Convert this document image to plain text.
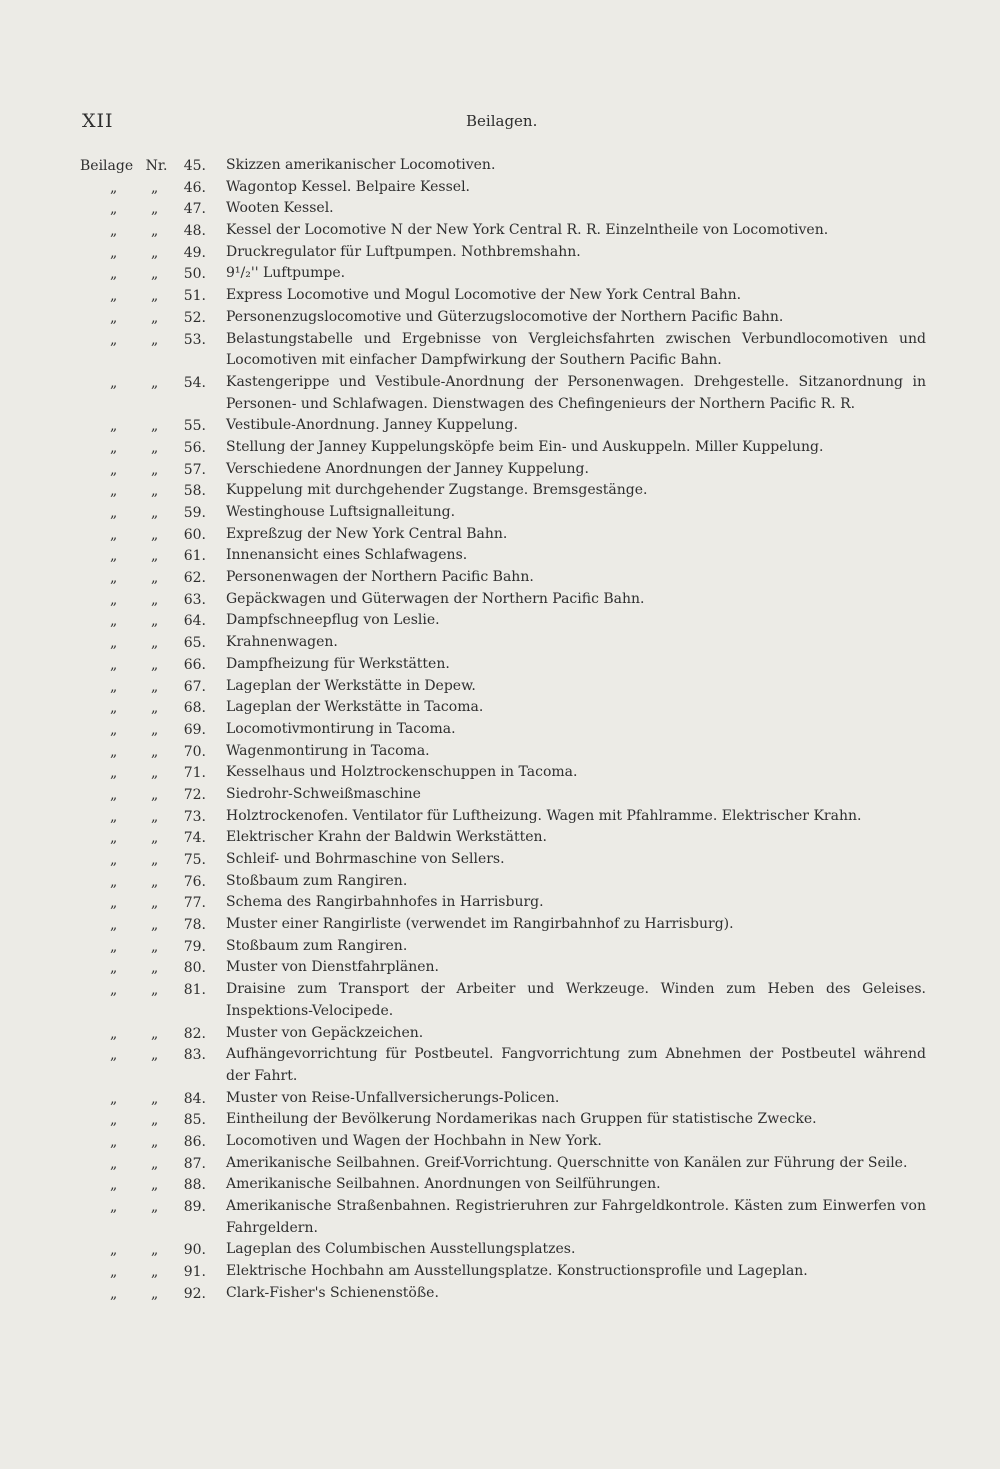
XII	Beilagen.
Beilage Nr.	45. Skizzen amerikanischer Locomotiven.
„ „	46. Wagontop Kessel. Belpaire Kessel.
„ „	47. Wooten Kessel.
„ „	48. Kessel der Locomotive N der New York Central R. R. Einzelntheile von Locomotiven.
„ „	49. Druckregulator für Luftpumpen. Nothbremshahn.
„ „	50. 9¹/₂'' Luftpumpe.
„ „	51. Express Locomotive und Mogul Locomotive der New York Central Bahn.
„ „	52. Personenzugslocomotive und Güterzugslocomotive der Northern Pacific Bahn.
„ „	53. Belastungstabelle und Ergebnisse von Vergleichsfahrten zwischen Verbundlocomotiven und Locomotiven mit einfacher Dampfwirkung der Southern Pacific Bahn.
„ „	54. Kastengerippe und Vestibule-Anordnung der Personenwagen. Drehgestelle. Sitzanordnung in Personen- und Schlafwagen. Dienstwagen des Chefingenieurs der Northern Pacific R. R.
„ „	55. Vestibule-Anordnung. Janney Kuppelung.
„ „	56. Stellung der Janney Kuppelungsköpfe beim Ein- und Auskuppeln. Miller Kuppelung.
„ „	57. Verschiedene Anordnungen der Janney Kuppelung.
„ „	58. Kuppelung mit durchgehender Zugstange. Bremsgestänge.
„ „	59. Westinghouse Luftsignalleitung.
„ „	60. Expreßzug der New York Central Bahn.
„ „	61. Innenansicht eines Schlafwagens.
„ „	62. Personenwagen der Northern Pacific Bahn.
„ „	63. Gepäckwagen und Güterwagen der Northern Pacific Bahn.
„ „	64. Dampfschneepflug von Leslie.
„ „	65. Krahnenwagen.
„ „	66. Dampfheizung für Werkstätten.
„ „	67. Lageplan der Werkstätte in Depew.
„ „	68. Lageplan der Werkstätte in Tacoma.
„ „	69. Locomotivmontirung in Tacoma.
„ „	70. Wagenmontirung in Tacoma.
„ „	71. Kesselhaus und Holztrockenschuppen in Tacoma.
„ „	72. Siedrohr-Schweißmaschine
„ „	73. Holztrockenofen. Ventilator für Luftheizung. Wagen mit Pfahlramme. Elektrischer Krahn.
„ „	74. Elektrischer Krahn der Baldwin Werkstätten.
„ „	75. Schleif- und Bohrmaschine von Sellers.
„ „	76. Stoßbaum zum Rangiren.
„ „	77. Schema des Rangirbahnhofes in Harrisburg.
„ „	78. Muster einer Rangirliste (verwendet im Rangirbahnhof zu Harrisburg).
„ „	79. Stoßbaum zum Rangiren.
„ „	80. Muster von Dienstfahrplänen.
„ „	81. Draisine zum Transport der Arbeiter und Werkzeuge. Winden zum Heben des Geleises. Inspektions-Velocipede.
„ „	82. Muster von Gepäckzeichen.
„ „	83. Aufhängevorrichtung für Postbeutel. Fangvorrichtung zum Abnehmen der Postbeutel während der Fahrt.
„ „	84. Muster von Reise-Unfallversicherungs-Policen.
„ „	85. Eintheilung der Bevölkerung Nordamerikas nach Gruppen für statistische Zwecke.
„ „	86. Locomotiven und Wagen der Hochbahn in New York.
„ „	87. Amerikanische Seilbahnen. Greif-Vorrichtung. Querschnitte von Kanälen zur Führung der Seile.
„ „	88. Amerikanische Seilbahnen. Anordnungen von Seilführungen.
„ „	89. Amerikanische Straßenbahnen. Registrieruhren zur Fahrgeldkontrole. Kästen zum Einwerfen von Fahrgeldern.
„ „	90. Lageplan des Columbischen Ausstellungsplatzes.
„ „	91. Elektrische Hochbahn am Ausstellungsplatze. Konstructionsprofile und Lageplan.
„ „	92. Clark-Fisher's Schienenstöße.
